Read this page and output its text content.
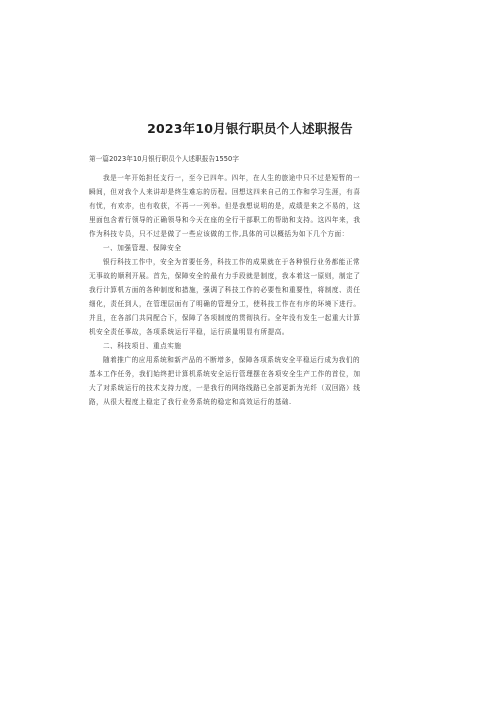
2023年10月银行职员个人述职报告
第一篇2023年10月银行职员个人述职报告1550字
我是一年开始担任支行一，至今已四年。四年，在人生的旅途中只不过是短暂的一
瞬间，但对我个人来讲却是终生难忘的历程。回想这四来自己的工作和学习生涯，有喜
有忧，有欢亦，也有收获，不再一一列举。但是我想说明的是，成绩是来之不易的，这
里面包含着行领导的正确领导和今天在座的全行干部职工的帮助和支持。这四年来，我
作为科技专员，只不过是做了一些应该做的工作,具体的可以概括为如下几个方面：
一、加强管理、保障安全
银行科技工作中，安全为首要任务，科技工作的成果就在于各种银行业务都能正常
无事故的顺利开展。首先，保障安全的最有力手段就是制度，我本着这一原则，制定了
我行计算机方面的各种制度和措施，强调了科技工作的必要性和重要性，将制度、责任
细化，责任到人，在管理层面有了明确的管理分工，使科技工作在有序的环境下进行。
并且，在各部门共同配合下，保障了各项制度的贯彻执行。全年没有发生一起重大计算
机安全责任事故，各项系统运行平稳，运行质量明显有所提高。
二、科技项目、重点实施
随着推广的应用系统和新产品的不断增多，保障各项系统安全平稳运行成为我们的
基本工作任务，我们始终把计算机系统安全运行管理摆在各项安全生产工作的首位，加
大了对系统运行的技术支持力度，一是我行的网络线路已全部更新为光纤（双回路）线
路，从很大程度上稳定了我行业务系统的稳定和高效运行的基础.
